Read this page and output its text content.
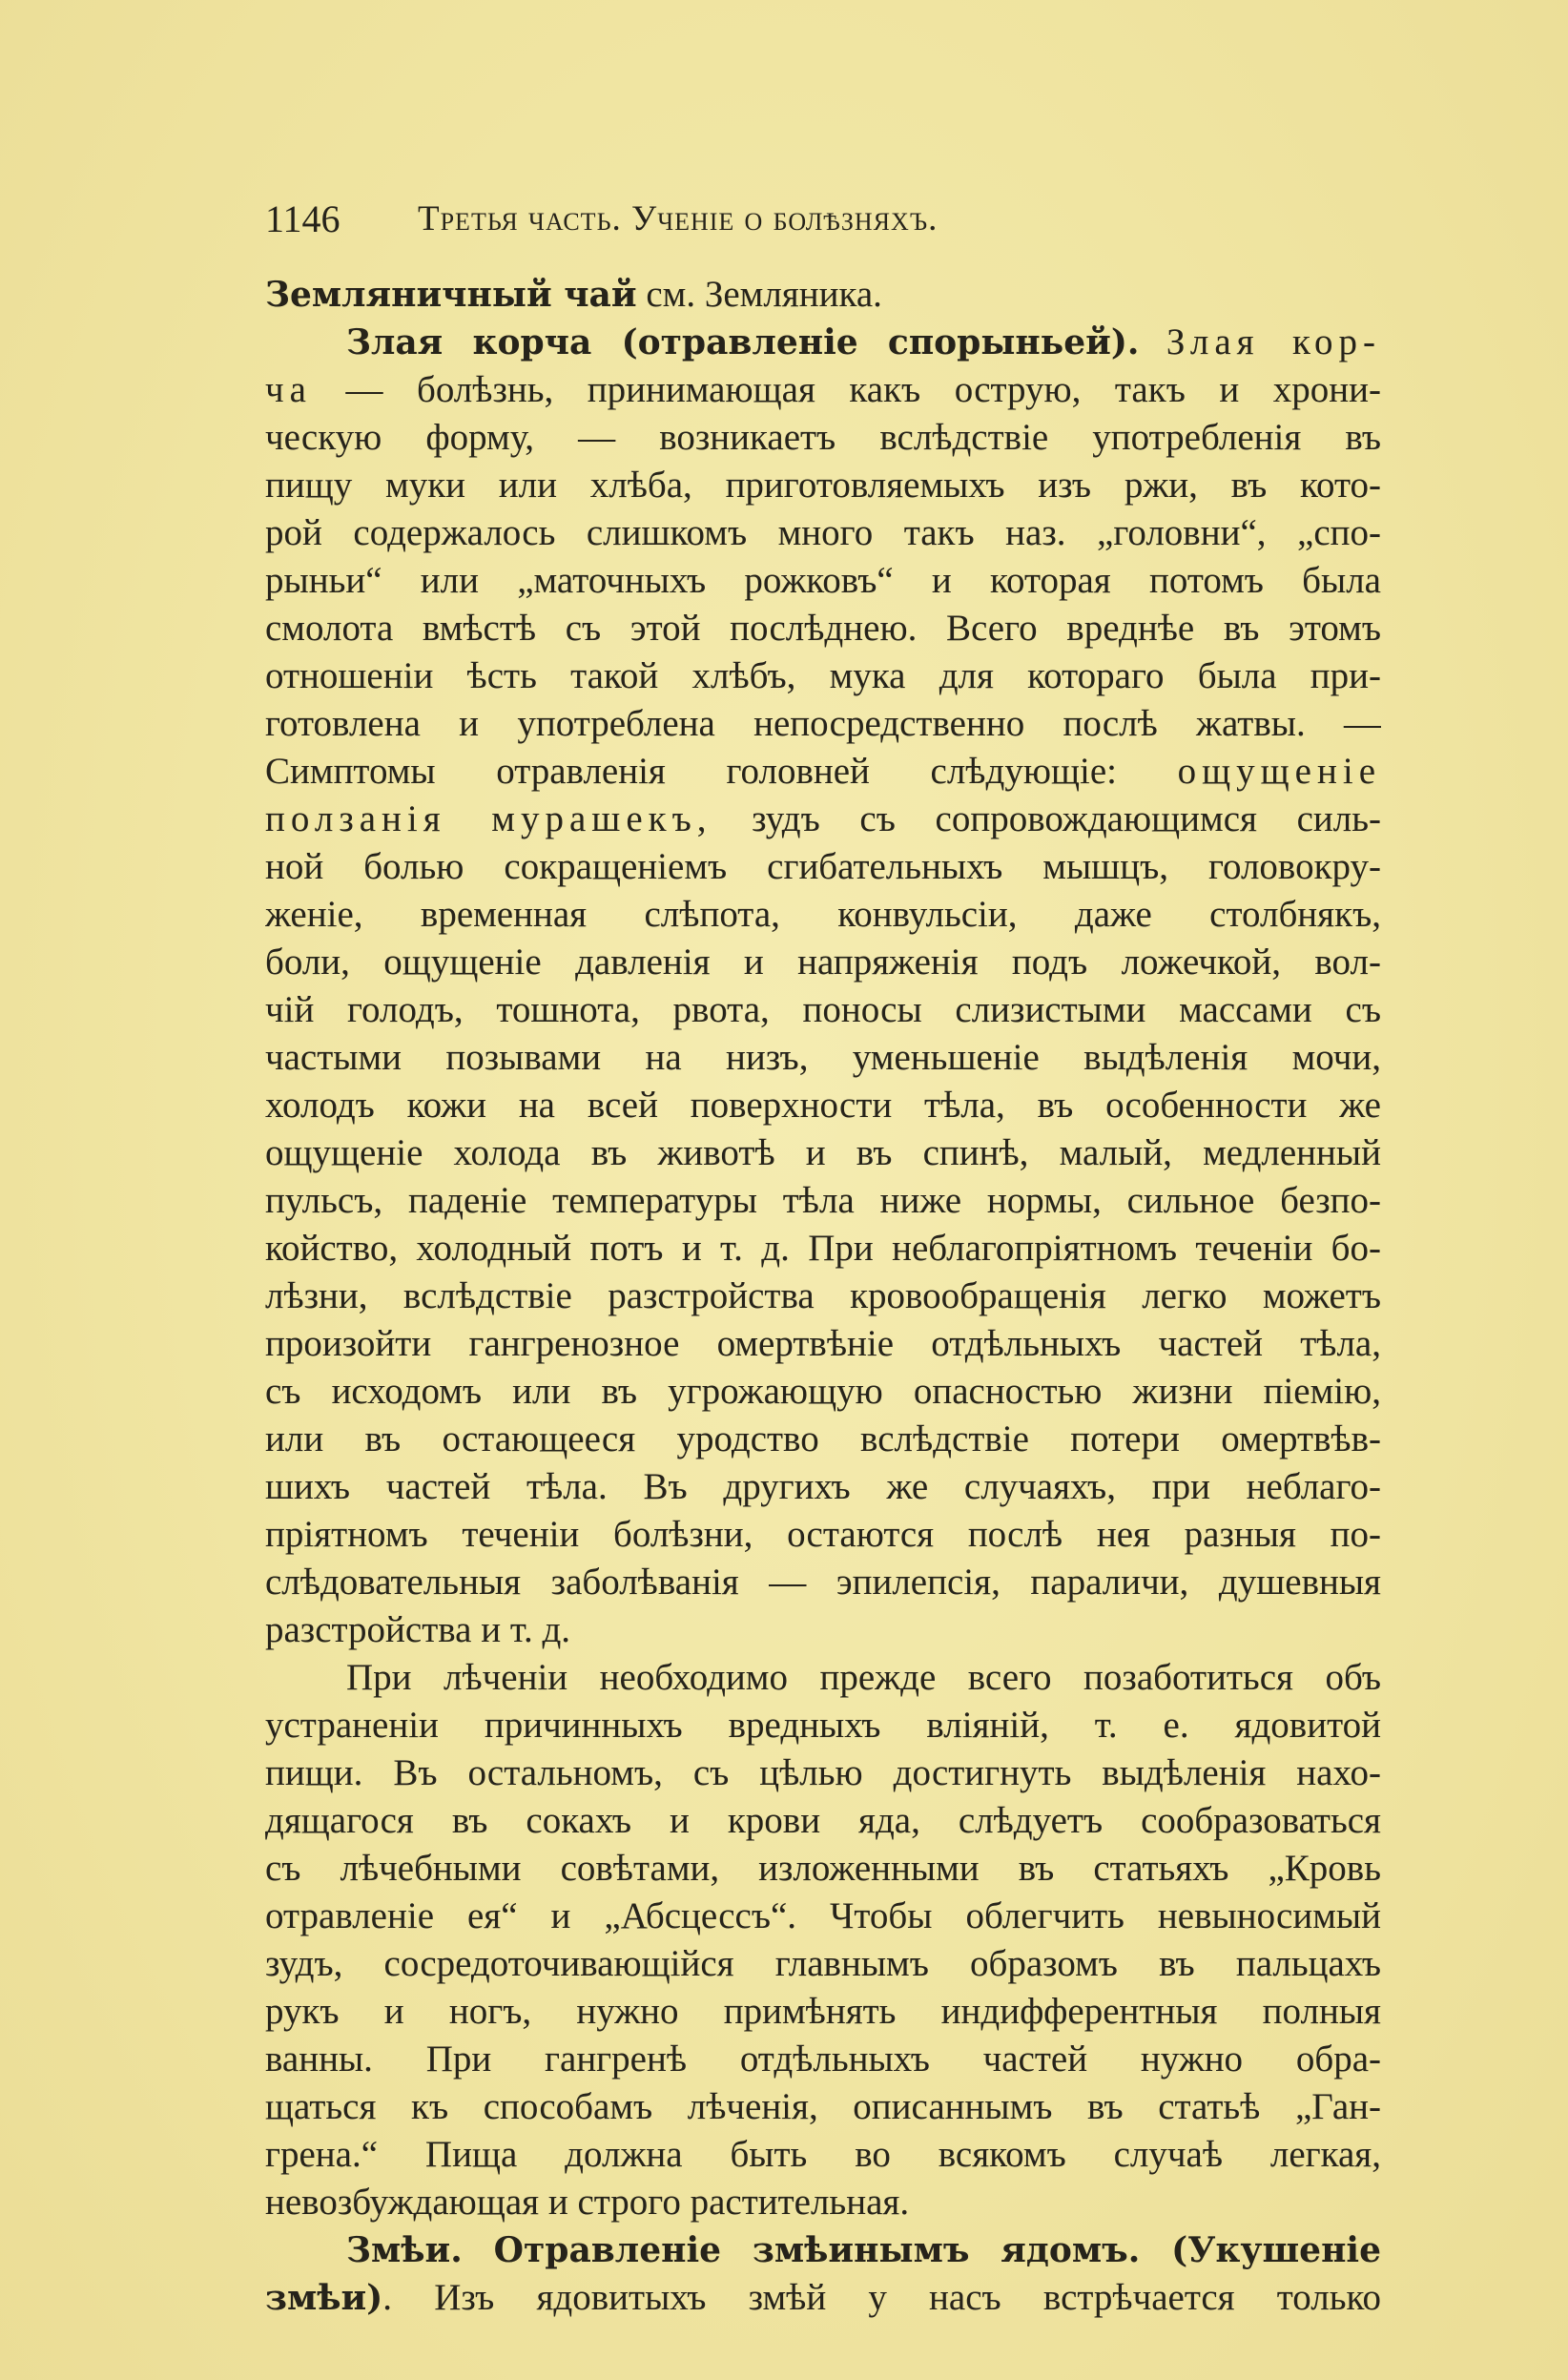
1146 Третья часть. Ученіе о болѣзняхъ.
Земляничный чай см. Земляника.
Злая корча (отравленіе спорыньей). Злая кор-
ча — болѣзнь, принимающая какъ острую, такъ и хрони-
ческую форму, — возникаетъ вслѣдствіе употребленія въ
пищу муки или хлѣба, приготовляемыхъ изъ ржи, въ кото-
рой содержалось слишкомъ много такъ наз. „головни“, „спо-
рыньи“ или „маточныхъ рожковъ“ и которая потомъ была
смолота вмѣстѣ съ этой послѣднею. Всего вреднѣе въ этомъ
отношеніи ѣсть такой хлѣбъ, мука для котораго была при-
готовлена и употреблена непосредственно послѣ жатвы. —
Симптомы отравленія головней слѣдующіе: ощущеніе
ползанія мурашекъ, зудъ съ сопровождающимся силь-
ной болью сокращеніемъ сгибательныхъ мышцъ, головокру-
женіе, временная слѣпота, конвульсіи, даже столбнякъ,
боли, ощущеніе давленія и напряженія подъ ложечкой, вол-
чій голодъ, тошнота, рвота, поносы слизистыми массами съ
частыми позывами на низъ, уменьшеніе выдѣленія мочи,
холодъ кожи на всей поверхности тѣла, въ особенности же
ощущеніе холода въ животѣ и въ спинѣ, малый, медленный
пульсъ, паденіе температуры тѣла ниже нормы, сильное безпо-
койство, холодный потъ и т. д. При неблагопріятномъ теченіи бо-
лѣзни, вслѣдствіе разстройства кровообращенія легко можетъ
произойти гангренозное омертвѣніе отдѣльныхъ частей тѣла,
съ исходомъ или въ угрожающую опасностью жизни піемію,
или въ остающееся уродство вслѣдствіе потери омертвѣв-
шихъ частей тѣла. Въ другихъ же случаяхъ, при неблаго-
пріятномъ теченіи болѣзни, остаются послѣ нея разныя по-
слѣдовательныя заболѣванія — эпилепсія, параличи, душевныя
разстройства и т. д.
При лѣченіи необходимо прежде всего позаботиться объ
устраненіи причинныхъ вредныхъ вліяній, т. е. ядовитой
пищи. Въ остальномъ, съ цѣлью достигнуть выдѣленія нахо-
дящагося въ сокахъ и крови яда, слѣдуетъ сообразоваться
съ лѣчебными совѣтами, изложенными въ статьяхъ „Кровь
отравленіе ея“ и „Абсцессъ“. Чтобы облегчить невыносимый
зудъ, сосредоточивающійся главнымъ образомъ въ пальцахъ
рукъ и ногъ, нужно примѣнять индифферентныя полныя
ванны. При гангренѣ отдѣльныхъ частей нужно обра-
щаться къ способамъ лѣченія, описаннымъ въ статьѣ „Ган-
грена.“ Пища должна быть во всякомъ случаѣ легкая,
невозбуждающая и строго растительная.
Змѣи. Отравленіе змѣинымъ ядомъ. (Укушеніе
змѣи). Изъ ядовитыхъ змѣй у насъ встрѣчается только
